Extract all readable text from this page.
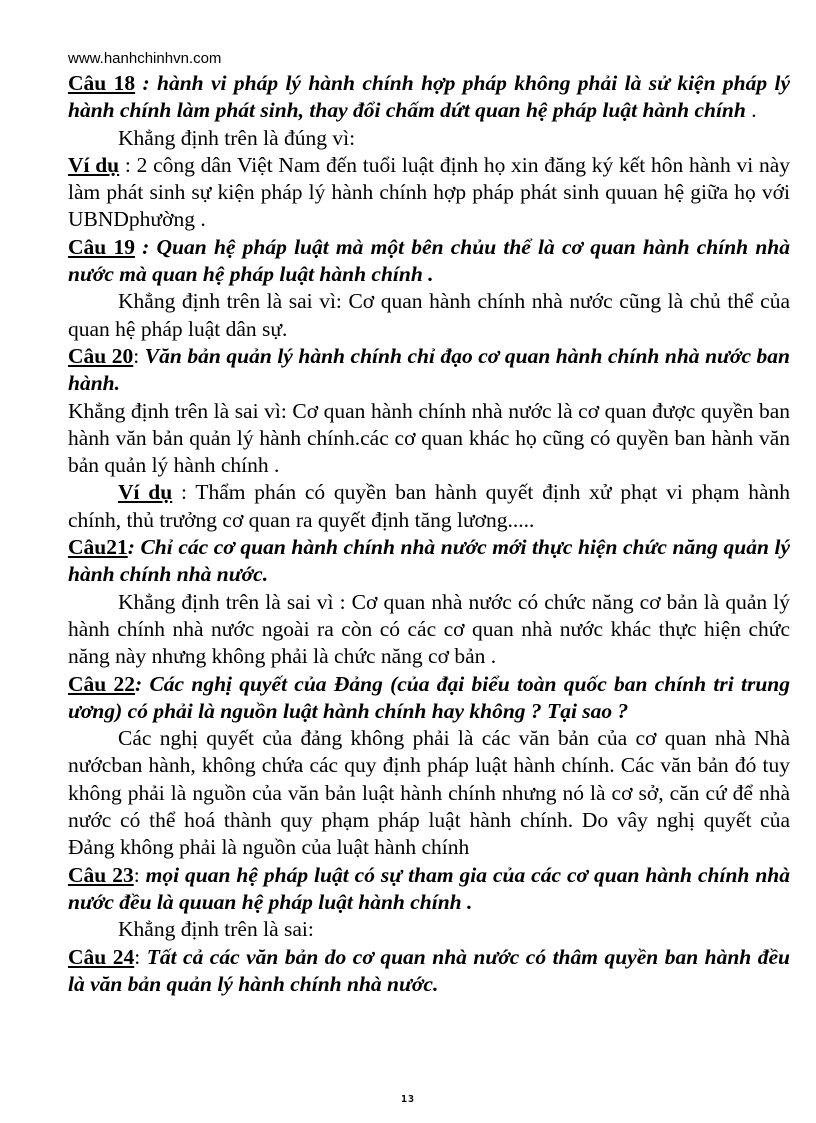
www.hanhchinhvn.com

Câu 18 : hành vi pháp lý hành chính hợp pháp không phải là sử kiện pháp lý hành chính làm phát sinh, thay đổi chấm dứt quan hệ pháp luật hành chính .

Khẳng định trên là đúng vì:

Ví dụ : 2 công dân Việt Nam đến tuổi luật định họ xin đăng ký kết hôn hành vi này làm phát sinh sự kiện pháp lý hành chính hợp pháp phát sinh quuan hệ giữa họ với UBNDphường .

Câu 19 : Quan hệ pháp luật mà một bên chủu thể là cơ quan hành chính nhà nước mà quan hệ pháp luật hành chính .

Khẳng định trên là sai vì: Cơ quan hành chính nhà nước cũng là chủ thể của quan hệ pháp luật dân sự.

Câu 20: Văn bản quản lý hành chính chỉ đạo cơ quan hành chính nhà nước ban hành.

Khẳng định trên là sai vì: Cơ quan hành chính nhà nước là cơ quan được quyền ban hành văn bản quản lý hành chính.các cơ quan khác họ cũng có quyền ban hành văn bản quản lý hành chính .

Ví dụ : Thẩm phán có quyền ban hành quyết định xử phạt vi phạm hành chính, thủ trưởng cơ quan ra quyết định tăng lương.....

Câu21: Chỉ các cơ quan hành chính nhà nước mới thực hiện chức năng quản lý hành chính nhà nước.

Khẳng định trên là sai vì : Cơ quan nhà nước có chức năng cơ bản là quản lý hành chính nhà nước ngoài ra còn có các cơ quan nhà nước khác thực hiện chức năng này nhưng không phải là chức năng cơ bản .

Câu 22: Các nghị quyết của Đảng (của đại biểu toàn quốc ban chính tri trung ương) có phải là nguồn luật hành chính hay không ? Tại sao ?

Các nghị quyết của đảng không phải là các văn bản của cơ quan nhà Nhà nướcban hành, không chứa các quy định pháp luật hành chính. Các văn bản đó tuy không phải là nguồn của văn bản luật hành chính nhưng nó là cơ sở, căn cứ để nhà nước có thể hoá thành quy phạm pháp luật hành chính. Do vây nghị quyết của Đảng không phải là nguồn của luật hành chính

Câu 23: mọi quan hệ pháp luật có sự tham gia của các cơ quan hành chính nhà nước đều là quuan hệ pháp luật hành chính .

Khẳng định trên là sai:

Câu 24: Tất cả các văn bản do cơ quan nhà nước có thâm quyền ban hành đều là văn bản quản lý hành chính nhà nước.

13
